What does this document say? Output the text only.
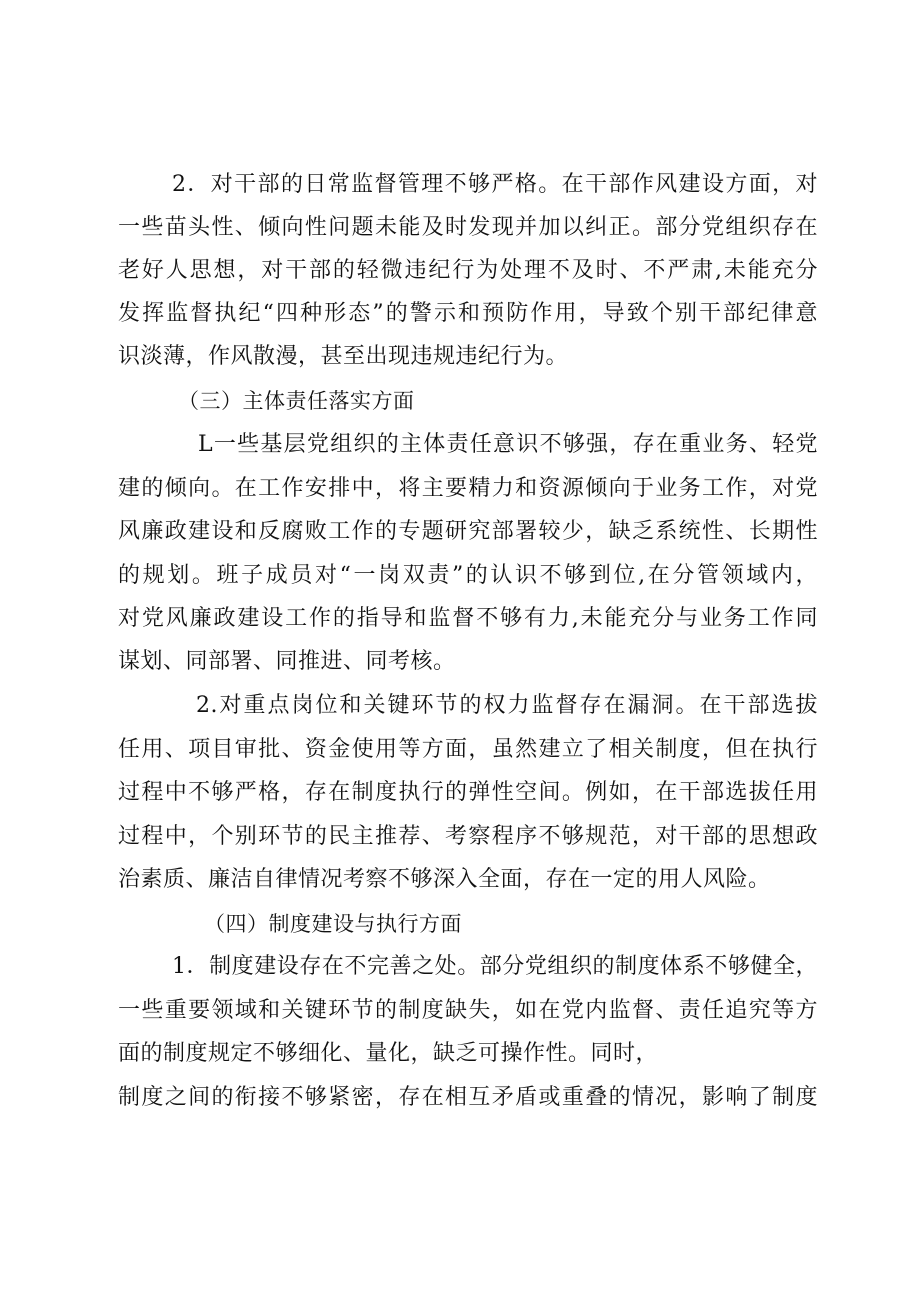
2．对干部的日常监督管理不够严格。在干部作风建设方面，对
一些苗头性、倾向性问题未能及时发现并加以纠正。部分党组织存在
老好人思想，对干部的轻微违纪行为处理不及时、不严肃,未能充分
发挥监督执纪“四种形态”的警示和预防作用，导致个别干部纪律意
识淡薄，作风散漫，甚至出现违规违纪行为。
（三）主体责任落实方面
L一些基层党组织的主体责任意识不够强，存在重业务、轻党
建的倾向。在工作安排中，将主要精力和资源倾向于业务工作，对党
风廉政建设和反腐败工作的专题研究部署较少，缺乏系统性、长期性
的规划。班子成员对“一岗双责”的认识不够到位,在分管领域内，
对党风廉政建设工作的指导和监督不够有力,未能充分与业务工作同
谋划、同部署、同推进、同考核。
2.对重点岗位和关键环节的权力监督存在漏洞。在干部选拔
任用、项目审批、资金使用等方面，虽然建立了相关制度，但在执行
过程中不够严格，存在制度执行的弹性空间。例如，在干部选拔任用
过程中，个别环节的民主推荐、考察程序不够规范，对干部的思想政
治素质、廉洁自律情况考察不够深入全面，存在一定的用人风险。
（四）制度建设与执行方面
1．制度建设存在不完善之处。部分党组织的制度体系不够健全，
一些重要领域和关键环节的制度缺失，如在党内监督、责任追究等方
面的制度规定不够细化、量化，缺乏可操作性。同时，
制度之间的衔接不够紧密，存在相互矛盾或重叠的情况，影响了制度
